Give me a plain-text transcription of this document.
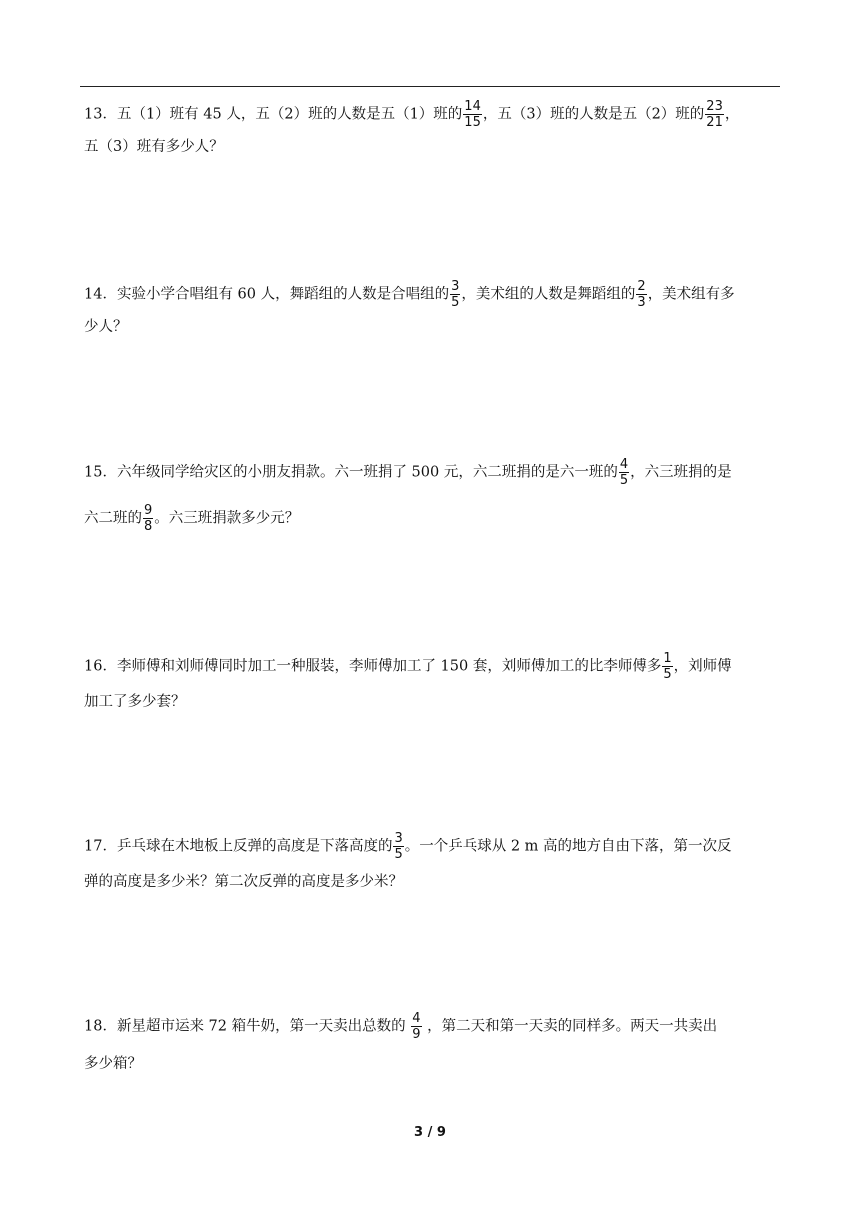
13．五（1）班有 45 人，五（2）班的人数是五（1）班的 $\frac{14}{15}$ ，五（3）班的人数是五（2）班的 $\frac{23}{21}$ ，
五（3）班有多少人？
14．实验小学合唱组有 60 人，舞蹈组的人数是合唱组的 $\frac{3}{5}$ ，美术组的人数是舞蹈组的 $\frac{2}{3}$ ，美术组有多
少人？
15．六年级同学给灾区的小朋友捐款。六一班捐了 500 元，六二班捐的是六一班的 $\frac{4}{5}$ ，六三班捐的是
六二班的 $\frac{9}{8}$ 。六三班捐款多少元？
16．李师傅和刘师傅同时加工一种服装，李师傅加工了 150 套，刘师傅加工的比李师傅多 $\frac{1}{5}$ ，刘师傅
加工了多少套？
17．乒乓球在木地板上反弹的高度是下落高度的 $\frac{3}{5}$ 。一个乒乓球从 2 m 高的地方自由下落，第一次反
弹的高度是多少米？第二次反弹的高度是多少米？
18．新星超市运来 72 箱牛奶，第一天卖出总数的 $\frac{4}{9}$ ，第二天和第一天卖的同样多。两天一共卖出
多少箱？
3 / 9
